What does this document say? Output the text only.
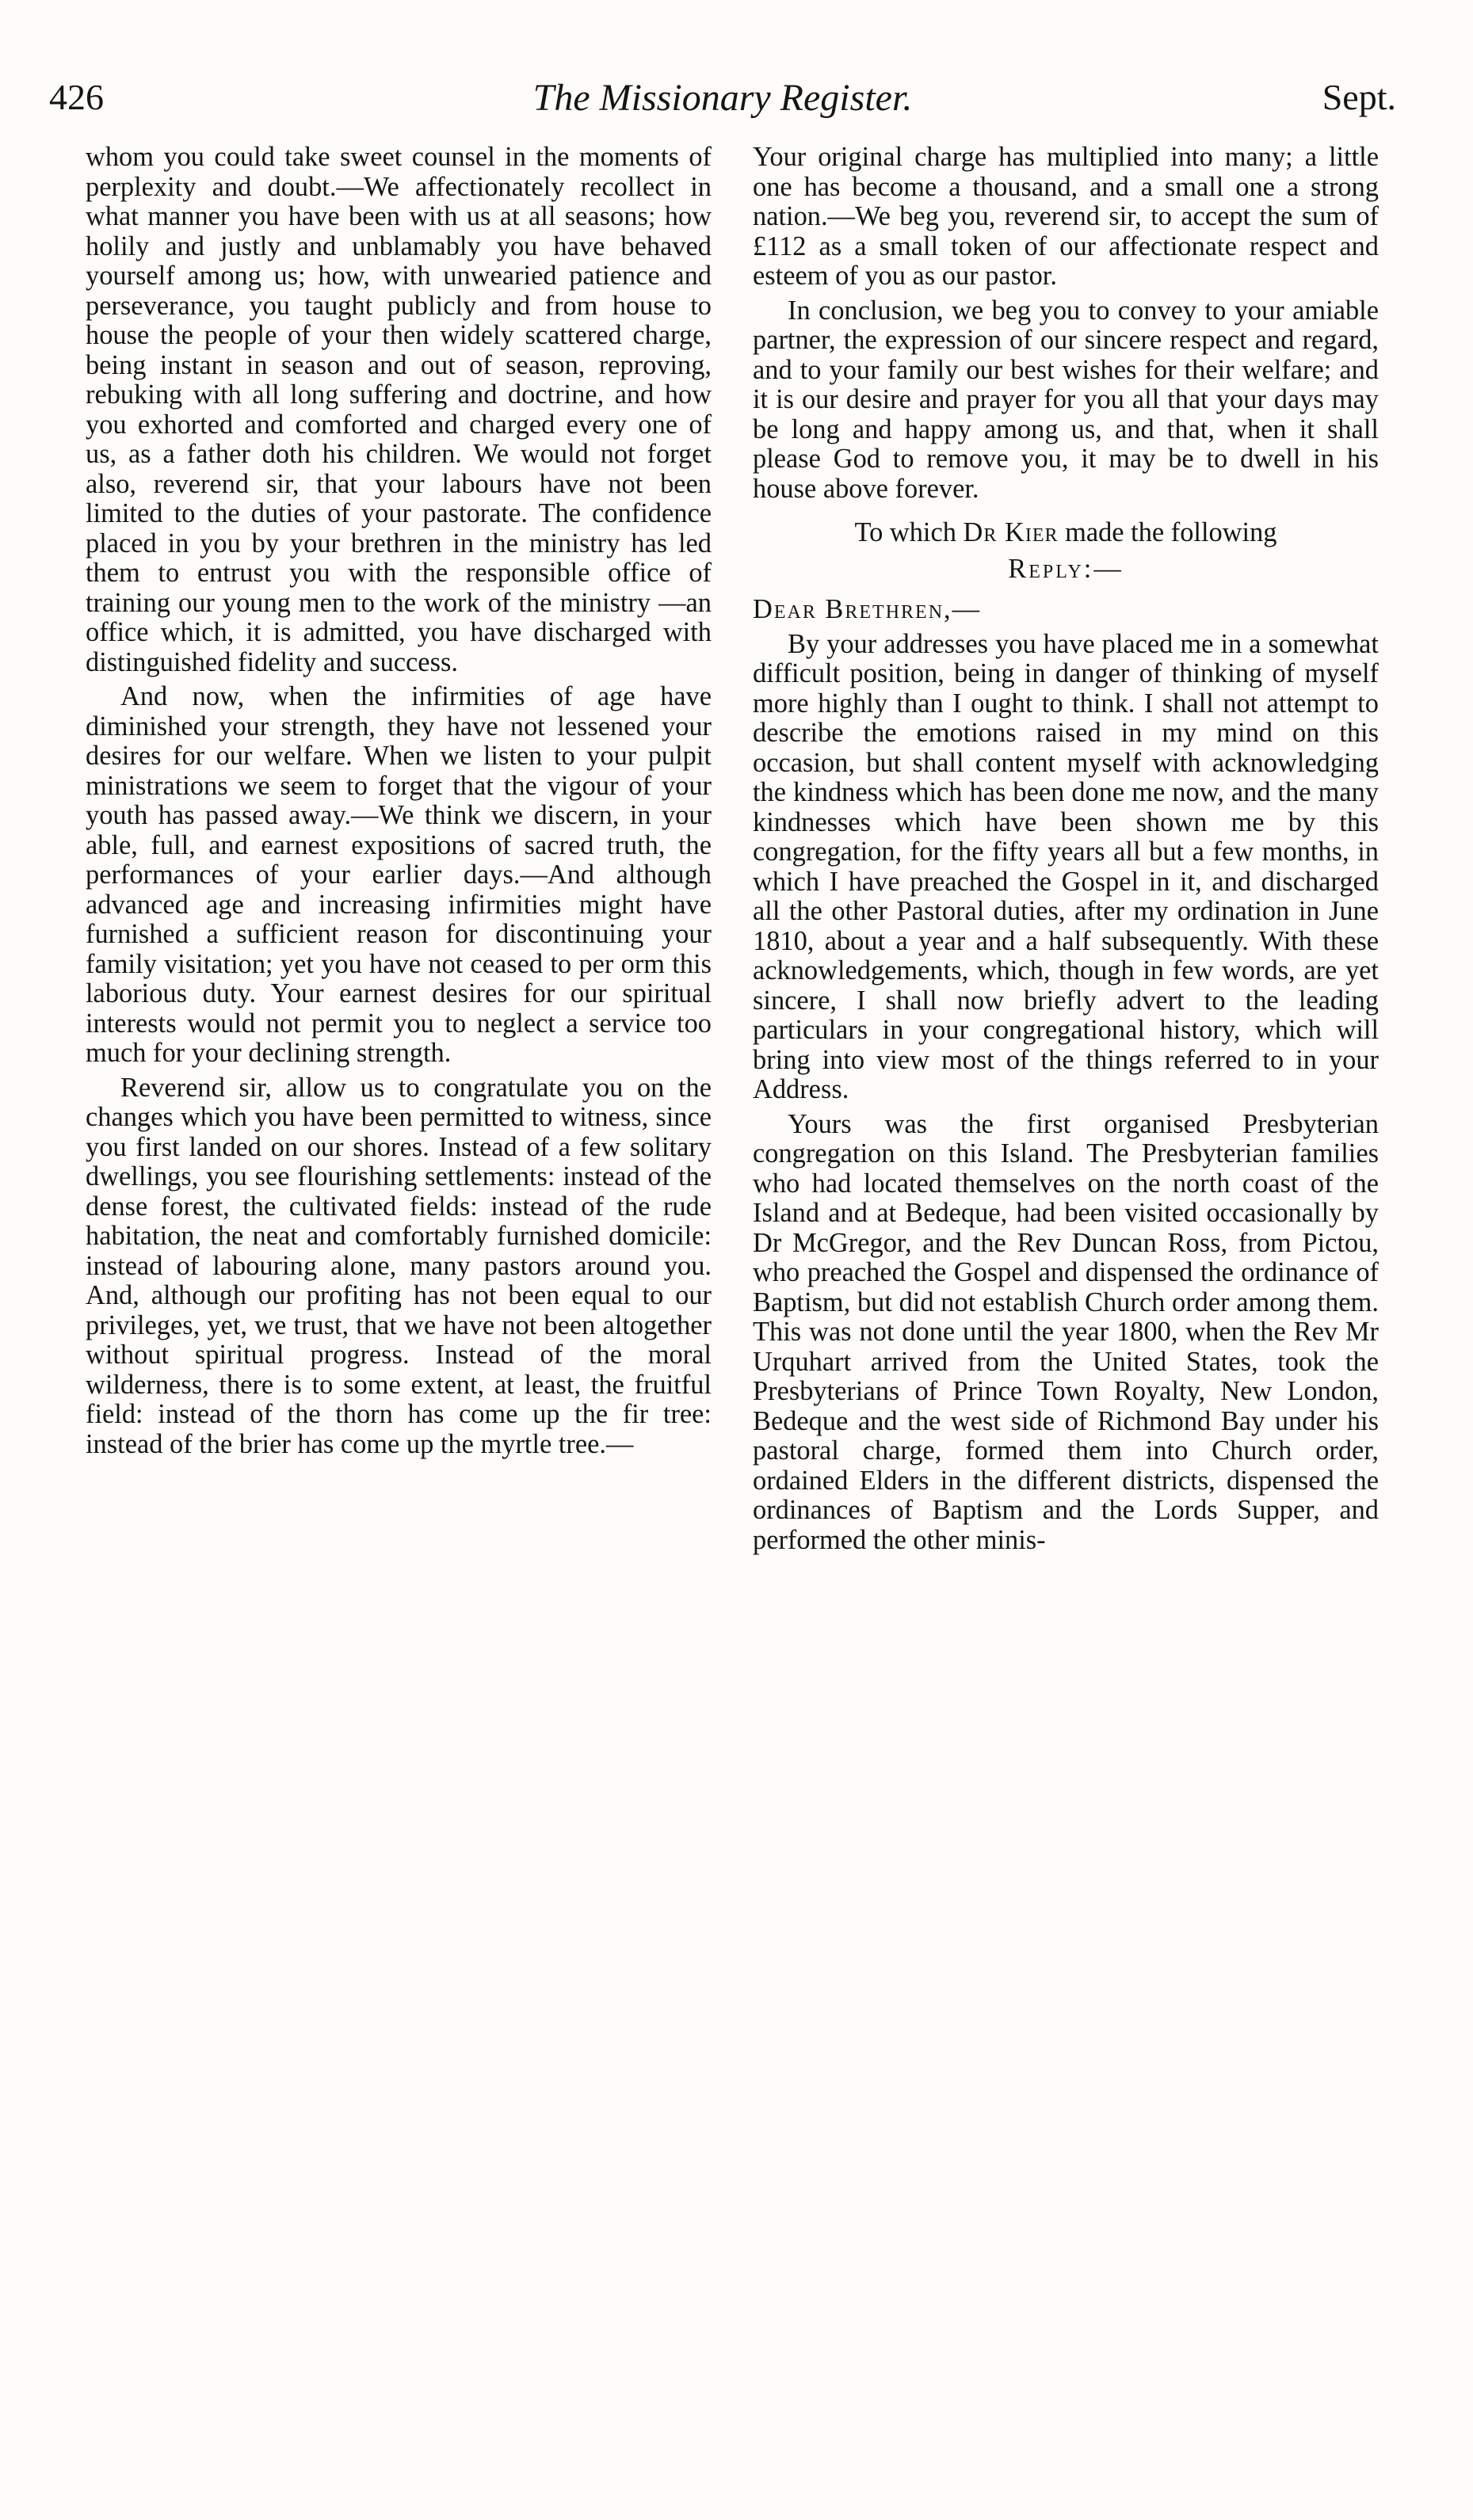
426	The Missionary Register.	Sept.

whom you could take sweet counsel in the moments of perplexity and doubt.—We affectionately recollect in what manner you have been with us at all seasons; how holily and justly and unblamably you have behaved yourself among us; how, with unwearied patience and perseverance, you taught publicly and from house to house the people of your then widely scattered charge, being instant in season and out of season, reproving, rebuking with all long suffering and doctrine, and how you exhorted and comforted and charged every one of us, as a father doth his children. We would not forget also, reverend sir, that your labours have not been limited to the duties of your pastorate. The confidence placed in you by your brethren in the ministry has led them to entrust you with the responsible office of training our young men to the work of the ministry —an office which, it is admitted, you have discharged with distinguished fidelity and success.

And now, when the infirmities of age have diminished your strength, they have not lessened your desires for our welfare. When we listen to your pulpit ministrations we seem to forget that the vigour of your youth has passed away.—We think we discern, in your able, full, and earnest expositions of sacred truth, the performances of your earlier days.—And although advanced age and increasing infirmities might have furnished a sufficient reason for discontinuing your family visitation; yet you have not ceased to per orm this laborious duty. Your earnest desires for our spiritual interests would not permit you to neglect a service too much for your declining strength.

Reverend sir, allow us to congratulate you on the changes which you have been permitted to witness, since you first landed on our shores. Instead of a few solitary dwellings, you see flourishing settlements: instead of the dense forest, the cultivated fields: instead of the rude habitation, the neat and comfortably furnished domicile: instead of labouring alone, many pastors around you. And, although our profiting has not been equal to our privileges, yet, we trust, that we have not been altogether without spiritual progress. Instead of the moral wilderness, there is to some extent, at least, the fruitful field: instead of the thorn has come up the fir tree: instead of the brier has come up the myrtle tree.—

Your original charge has multiplied into many; a little one has become a thousand, and a small one a strong nation.—We beg you, reverend sir, to accept the sum of £112 as a small token of our affectionate respect and esteem of you as our pastor.

In conclusion, we beg you to convey to your amiable partner, the expression of our sincere respect and regard, and to your family our best wishes for their welfare; and it is our desire and prayer for you all that your days may be long and happy among us, and that, when it shall please God to remove you, it may be to dwell in his house above forever.

To which Dr Kier made the following

Reply:—

Dear Brethren,—

By your addresses you have placed me in a somewhat difficult position, being in danger of thinking of myself more highly than I ought to think. I shall not attempt to describe the emotions raised in my mind on this occasion, but shall content myself with acknowledging the kindness which has been done me now, and the many kindnesses which have been shown me by this congregation, for the fifty years all but a few months, in which I have preached the Gospel in it, and discharged all the other Pastoral duties, after my ordination in June 1810, about a year and a half subsequently. With these acknowledgements, which, though in few words, are yet sincere, I shall now briefly advert to the leading particulars in your congregational history, which will bring into view most of the things referred to in your Address.

Yours was the first organised Presbyterian congregation on this Island. The Presbyterian families who had located themselves on the north coast of the Island and at Bedeque, had been visited occasionally by Dr McGregor, and the Rev Duncan Ross, from Pictou, who preached the Gospel and dispensed the ordinance of Baptism, but did not establish Church order among them. This was not done until the year 1800, when the Rev Mr Urquhart arrived from the United States, took the Presbyterians of Prince Town Royalty, New London, Bedeque and the west side of Richmond Bay under his pastoral charge, formed them into Church order, ordained Elders in the different districts, dispensed the ordinances of Baptism and the Lords Supper, and performed the other minis-
